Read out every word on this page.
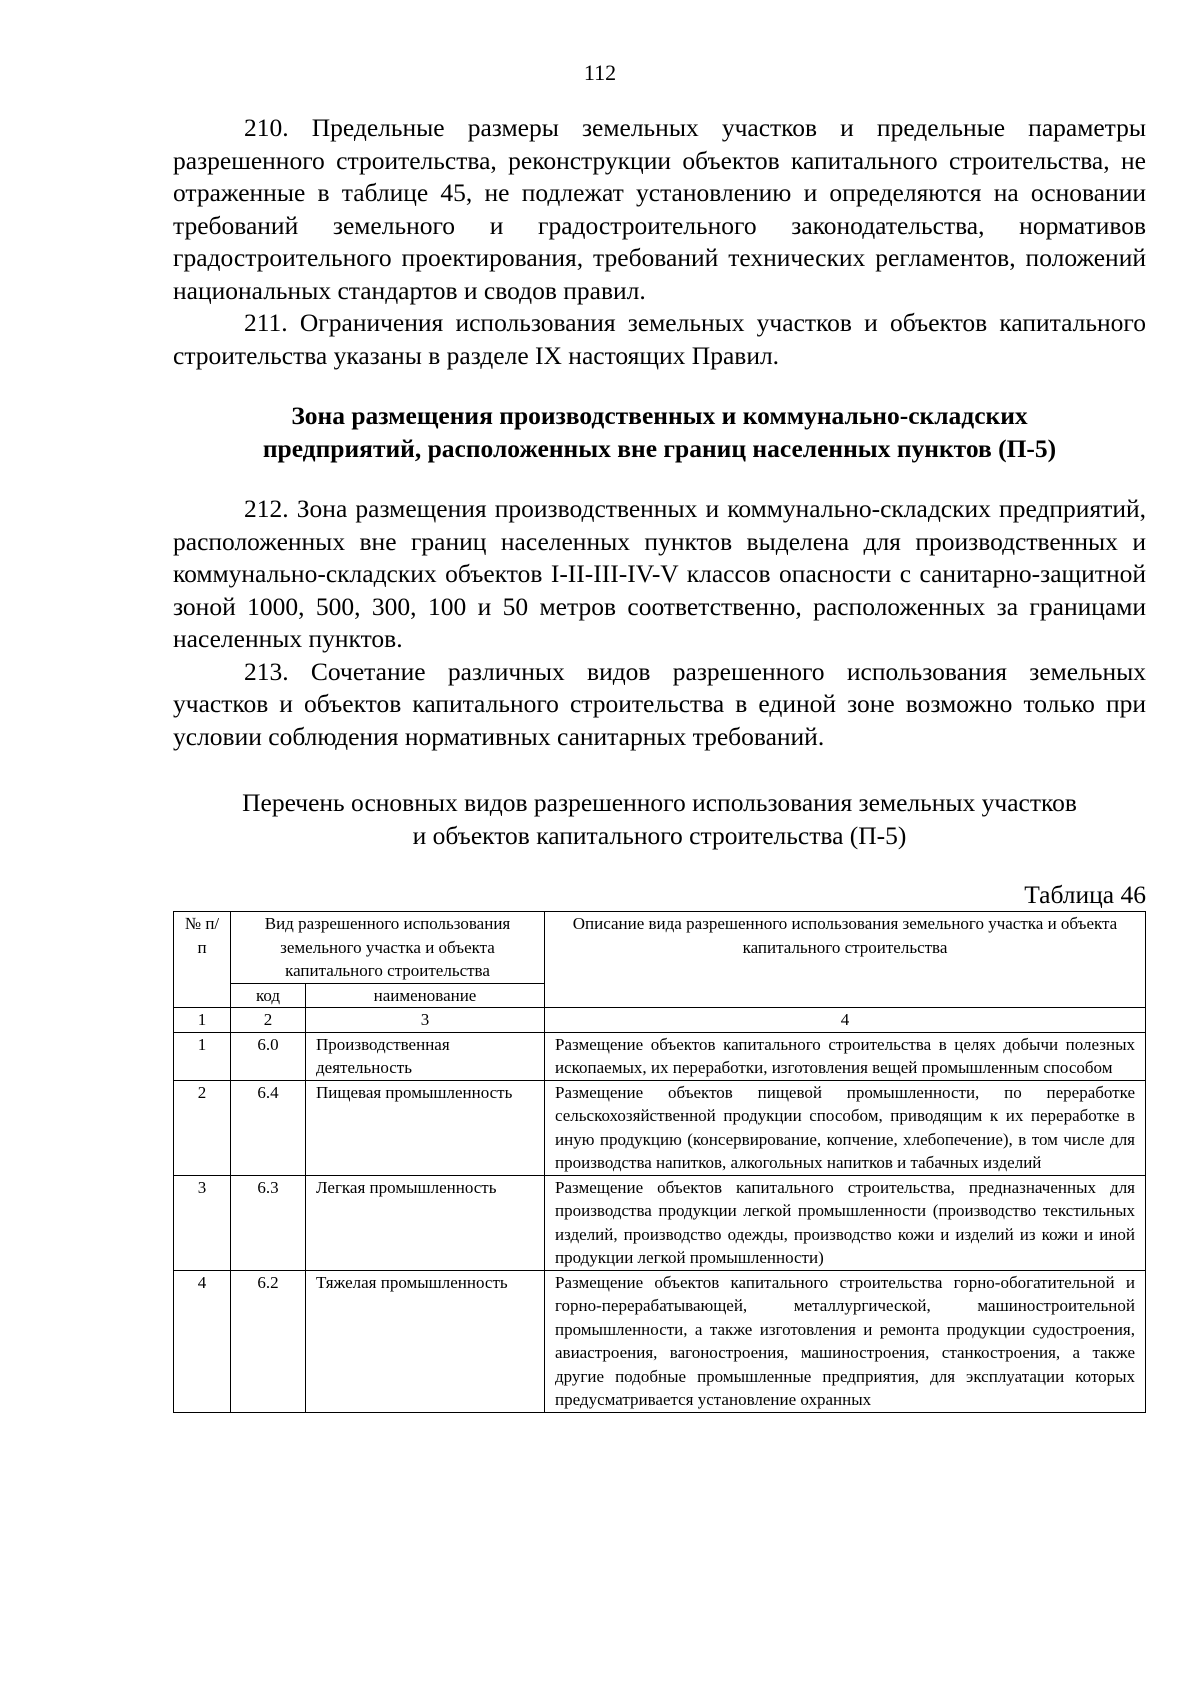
112

210. Предельные размеры земельных участков и предельные параметры разрешенного строительства, реконструкции объектов капитального строительства, не отраженные в таблице 45, не подлежат установлению и определяются на основании требований земельного и градостроительного законодательства, нормативов градостроительного проектирования, требований технических регламентов, положений национальных стандартов и сводов правил.

211. Ограничения использования земельных участков и объектов капитального строительства указаны в разделе IX настоящих Правил.

Зона размещения производственных и коммунально-складских
предприятий, расположенных вне границ населенных пунктов (П-5)

212. Зона размещения производственных и коммунально-складских предприятий, расположенных вне границ населенных пунктов выделена для производственных и коммунально-складских объектов I-II-III-IV-V классов опасности с санитарно-защитной зоной 1000, 500, 300, 100 и 50 метров соответственно, расположенных за границами населенных пунктов.

213. Сочетание различных видов разрешенного использования земельных участков и объектов капитального строительства в единой зоне возможно только при условии соблюдения нормативных санитарных требований.

Перечень основных видов разрешенного использования земельных участков
и объектов капитального строительства (П-5)
Таблица 46
№ п/п	Вид разрешенного использования земельного участка и объекта капитального строительства		Описание вида разрешенного использования земельного участка и объекта капитального строительства
	код	наименование	
1	2	3	4
1	6.0	Производственная деятельность	Размещение объектов капитального строительства в целях добычи полезных ископаемых, их переработки, изготовления вещей промышленным способом
2	6.4	Пищевая промышленность	Размещение объектов пищевой промышленности, по переработке сельскохозяйственной продукции способом, приводящим к их переработке в иную продукцию (консервирование, копчение, хлебопечение), в том числе для производства напитков, алкогольных напитков и табачных изделий
3	6.3	Легкая промышленность	Размещение объектов капитального строительства, предназначенных для производства продукции легкой промышленности (производство текстильных изделий, производство одежды, производство кожи и изделий из кожи и иной продукции легкой промышленности)
4	6.2	Тяжелая промышленность	Размещение объектов капитального строительства горно-обогатительной и горно-перерабатывающей, металлургической, машиностроительной промышленности, а также изготовления и ремонта продукции судостроения, авиастроения, вагоностроения, машиностроения, станкостроения, а также другие подобные промышленные предприятия, для эксплуатации которых предусматривается установление охранных
